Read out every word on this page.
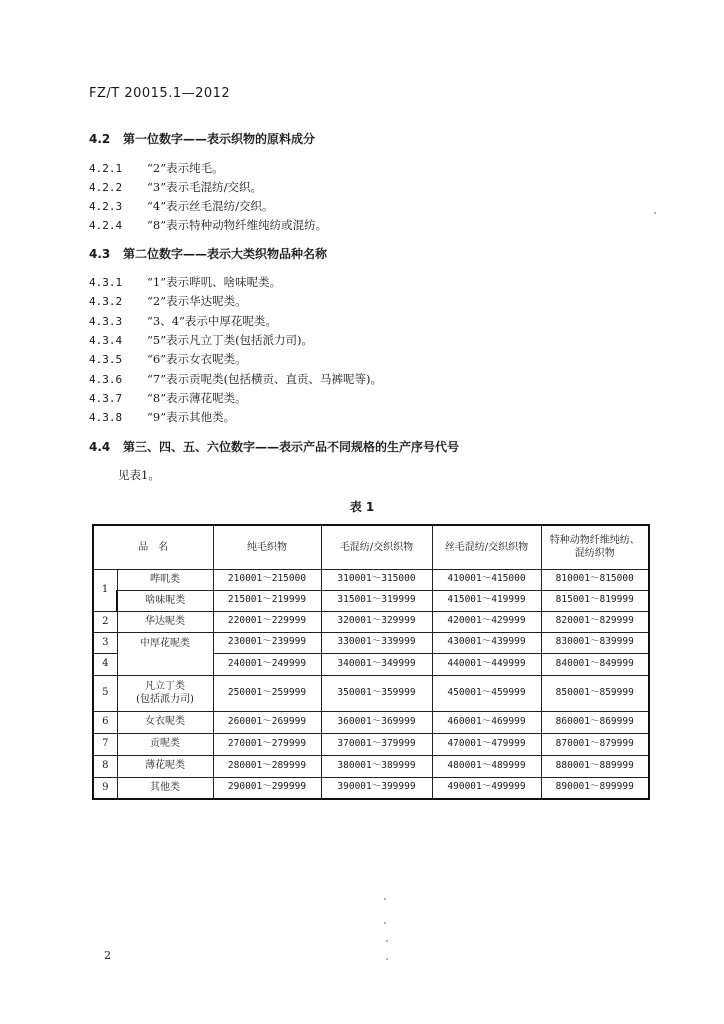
FZ/T 20015.1—2012
4.2 第一位数字——表示织物的原料成分
4.2.1 “2”表示纯毛。
4.2.2 “3”表示毛混纺/交织。
4.2.3 “4”表示丝毛混纺/交织。
4.2.4 “8”表示特种动物纤维纯纺或混纺。
4.3 第二位数字——表示大类织物品种名称
4.3.1 “1”表示哔叽、啥味呢类。
4.3.2 “2”表示华达呢类。
4.3.3 “3、4”表示中厚花呢类。
4.3.4 “5”表示凡立丁类(包括派力司)。
4.3.5 “6”表示女衣呢类。
4.3.6 “7”表示贡呢类(包括横贡、直贡、马裤呢等)。
4.3.7 “8”表示薄花呢类。
4.3.8 “9”表示其他类。
4.4 第三、四、五、六位数字——表示产品不同规格的生产序号代号
见表1。
表 1
品　名		纯毛织物	毛混纺/交织织物	丝毛混纺/交织织物	特种动物纤维纯纺、
混纺织物
1	哔叽类	210001～215000	310001～315000	410001～415000	810001～815000
	啥味呢类	215001～219999	315001～319999	415001～419999	815001～819999
2	华达呢类	220001～229999	320001～329999	420001～429999	820001～829999
3	中厚花呢类	230001～239999	330001～339999	430001～439999	830001～839999
4		240001～249999	340001～349999	440001～449999	840001～849999
5	凡立丁类
(包括派力司)	250001～259999	350001～359999	450001～459999	850001～859999
6	女衣呢类	260001～269999	360001～369999	460001～469999	860001～869999
7	贡呢类	270001～279999	370001～379999	470001～479999	870001～879999
8	薄花呢类	280001～289999	380001～389999	480001～489999	880001～889999
9	其他类	290001～299999	390001～399999	490001～499999	890001～899999
2
